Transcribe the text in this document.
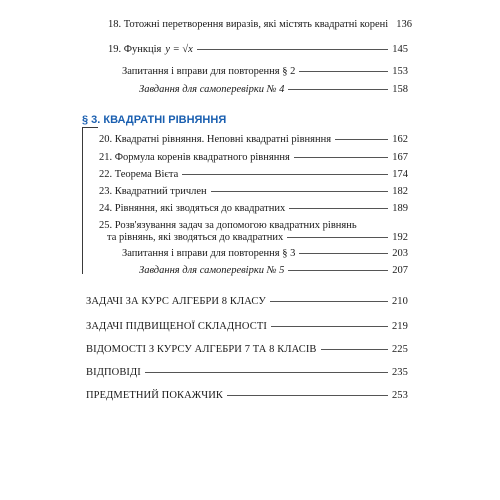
18. Тотожні перетворення виразів, які містять квадратні корені 136
19. Функція y = √x	145
Запитання і вправи для повторення § 2	153
Завдання для самоперевірки № 4	158
§ 3. КВАДРАТНІ РІВНЯННЯ
20. Квадратні рівняння. Неповні квадратні рівняння	162
21. Формула коренів квадратного рівняння	167
22. Теорема Вієта	174
23. Квадратний тричлен	182
24. Рівняння, які зводяться до квадратних	189
25. Розв'язування задач за допомогою квадратних рівнянь
та рівнянь, які зводяться до квадратних	192
Запитання і вправи для повторення § 3	203
Завдання для самоперевірки № 5	207
ЗАДАЧІ ЗА КУРС АЛГЕБРИ 8 КЛАСУ	210
ЗАДАЧІ ПІДВИЩЕНОЇ СКЛАДНОСТІ	219
ВІДОМОСТІ З КУРСУ АЛГЕБРИ 7 ТА 8 КЛАСІВ	225
ВІДПОВІДІ	235
ПРЕДМЕТНИЙ ПОКАЖЧИК	253
